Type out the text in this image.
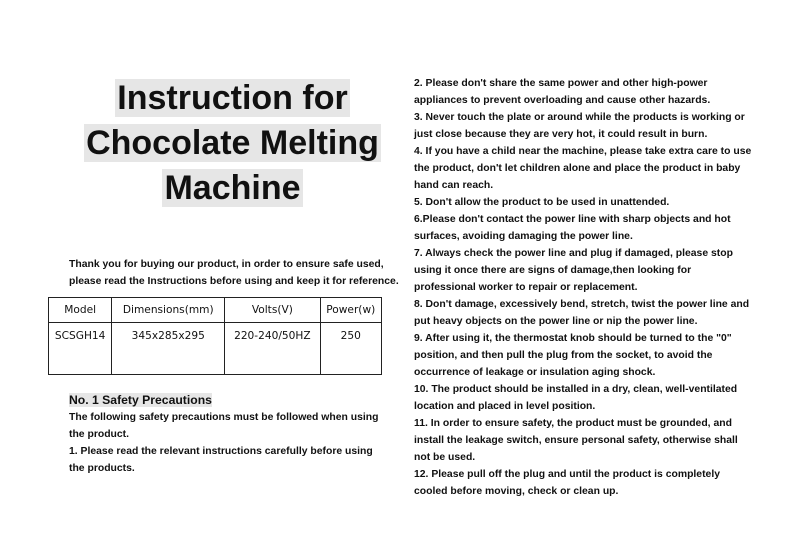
Instruction for
Chocolate Melting
Machine
Thank you for buying our product, in order to ensure safe used, please read the Instructions before using and keep it for reference.
Model	Dimensions(mm)	Volts(V)	Power(w)
SCSGH14	345x285x295	220-240/50HZ	250
No. 1 Safety Precautions
The following safety precautions must be followed when using the product.
1. Please read the relevant instructions carefully before using the products.

2. Please don't share the same power and other high-power appliances to prevent overloading and cause other hazards.

3. Never touch the plate or around while the products is working or just close because they are very hot, it could result in burn.

4. If you have a child near the machine, please take extra care to use the product, don't let children alone and place the product in baby hand can reach.

5. Don't allow the product to be used in unattended.

6.Please don't contact the power line with sharp objects and hot surfaces, avoiding damaging the power line.

7. Always check the power line and plug if damaged, please stop using it once there are signs of damage,then looking for professional worker to repair or replacement.

8. Don't damage, excessively bend, stretch, twist the power line and put heavy objects on the power line or nip the power line.

9. After using it, the thermostat knob should be turned to the "0" position, and then pull the plug from the socket, to avoid the occurrence of leakage or insulation aging shock.

10. The product should be installed in a dry, clean, well-ventilated location and placed in level position.

11. In order to ensure safety, the product must be grounded, and install the leakage switch, ensure personal safety, otherwise shall not be used.

12. Please pull off the plug and until the product is completely cooled before moving, check or clean up.
